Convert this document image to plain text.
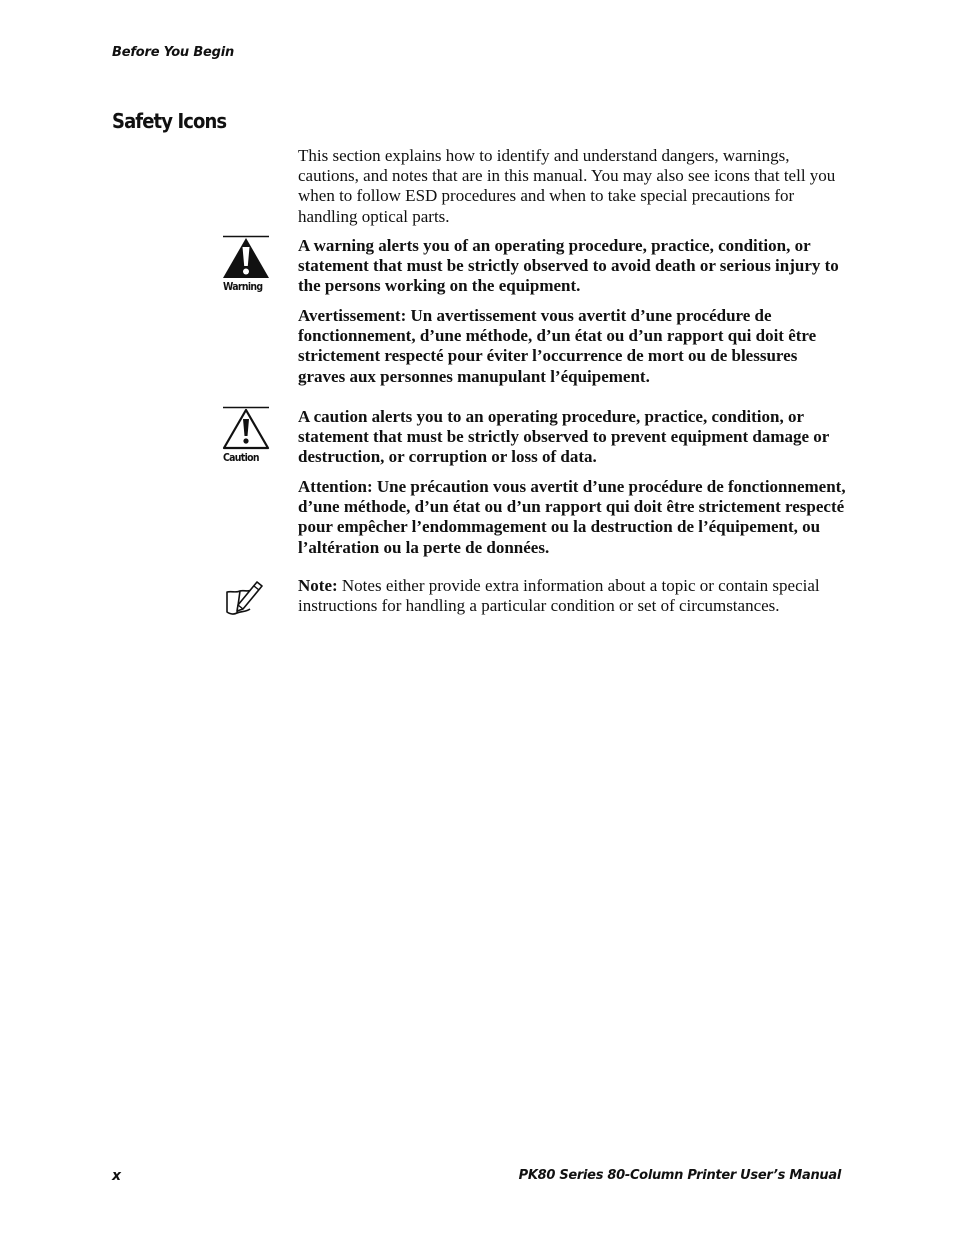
Before You Begin
Safety Icons

This section explains how to identify and understand dangers, warnings, cautions, and notes that are in this manual. You may also see icons that tell you when to follow ESD procedures and when to take special precautions for handling optical parts.

Warning

A warning alerts you of an operating procedure, practice, condition, or statement that must be strictly observed to avoid death or serious injury to the persons working on the equipment.

Avertissement: Un avertissement vous avertit d’une procédure de fonctionnement, d’une méthode, d’un état ou d’un rapport qui doit être strictement respecté pour éviter l’occurrence de mort ou de blessures graves aux personnes manupulant l’équipement.

Caution

A caution alerts you to an operating procedure, practice, condition, or statement that must be strictly observed to prevent equipment damage or destruction, or corruption or loss of data.

Attention: Une précaution vous avertit d’une procédure de fonctionnement, d’une méthode, d’un état ou d’un rapport qui doit être strictement respecté pour empêcher l’endommagement ou la destruction de l’équipement, ou l’altération ou la perte de données.

Note: Notes either provide extra information about a topic or contain special instructions for handling a particular condition or set of circumstances.

x	PK80 Series 80-Column Printer User’s Manual
